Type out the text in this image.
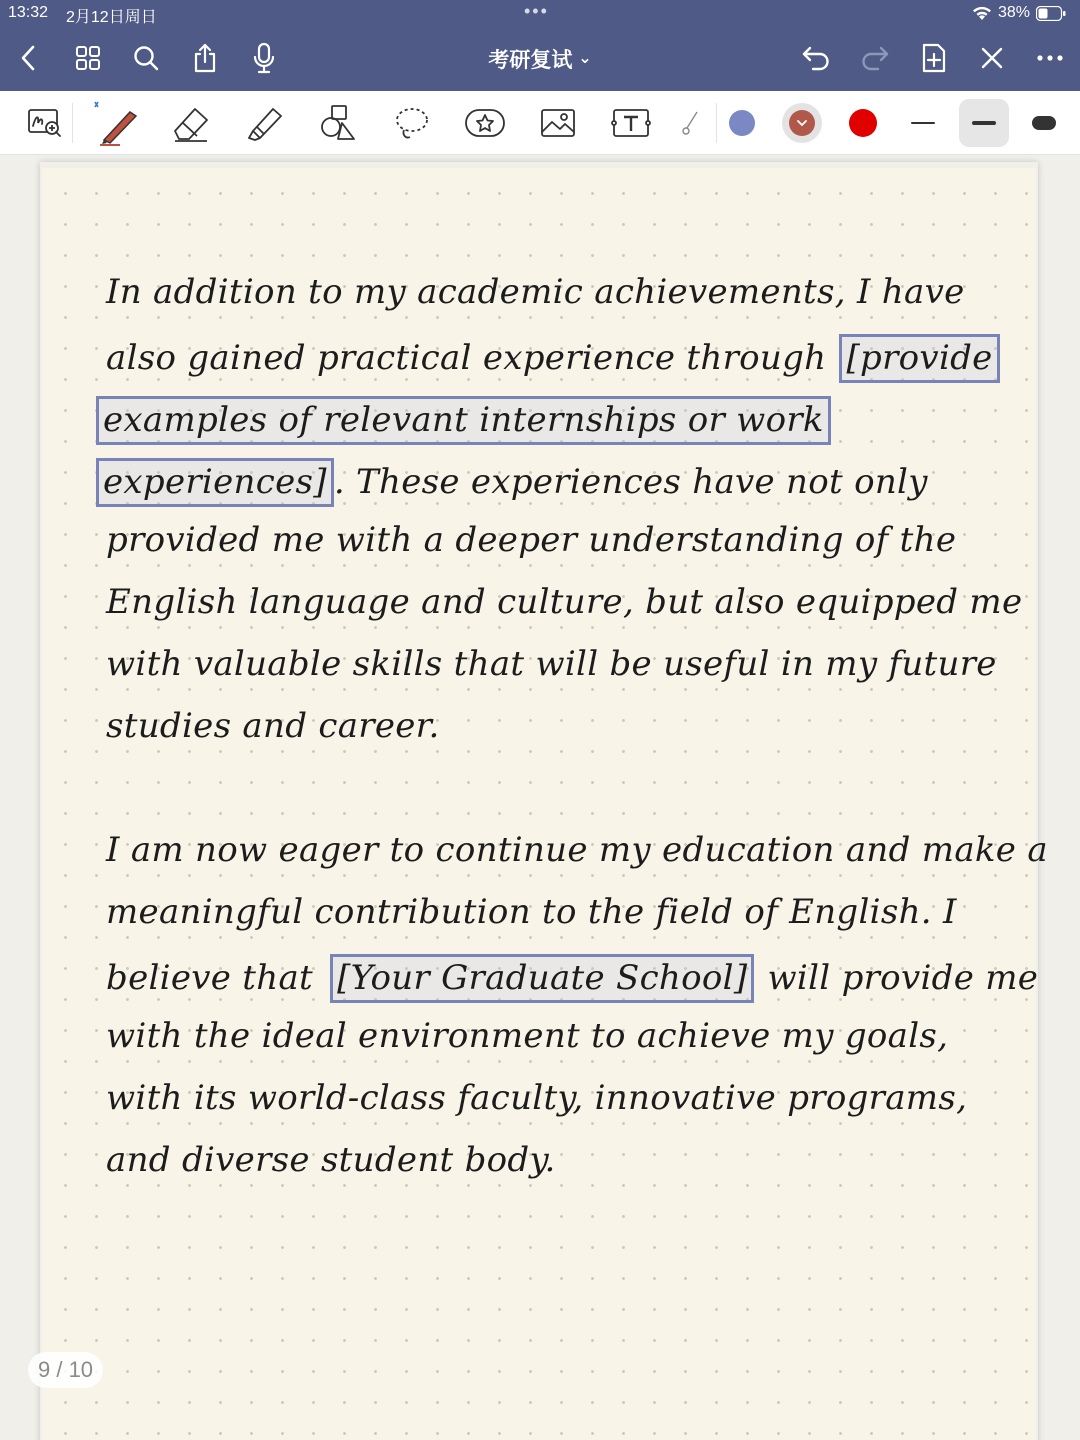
13:32 2月12日周日	•••	38%
考研复试 ⌄
In addition to my academic achievements, I have
also gained practical experience through [provide
examples of relevant internships or work
experiences] . These experiences have not only
provided me with a deeper understanding of the
English language and culture, but also equipped me
with valuable skills that will be useful in my future
studies and career.
I am now eager to continue my education and make a
meaningful contribution to the field of English. I
believe that [Your Graduate School] will provide me
with the ideal environment to achieve my goals,
with its world-class faculty, innovative programs,
and diverse student body.
9 / 10
